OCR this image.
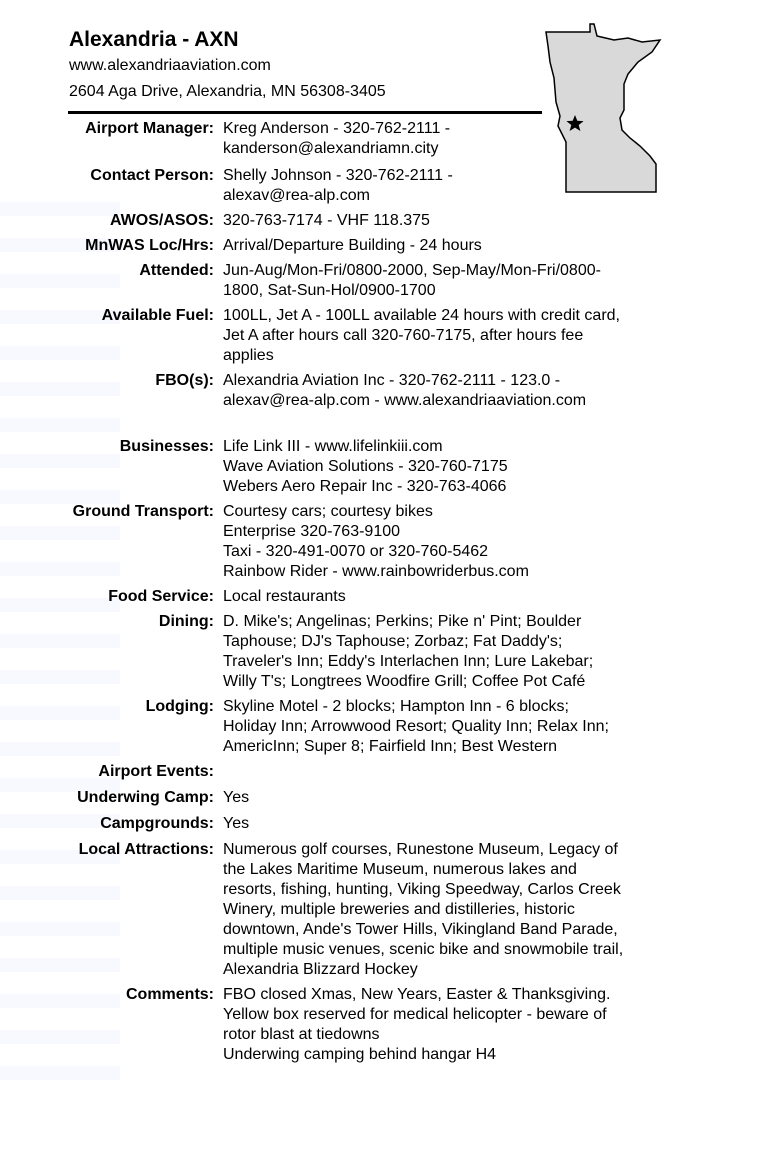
Alexandria - AXN
www.alexandriaaviation.com
2604 Aga Drive, Alexandria, MN 56308-3405
Airport Manager: Kreg Anderson - 320-762-2111 -
kanderson@alexandriamn.city
Contact Person: Shelly Johnson - 320-762-2111 -
alexav@rea-alp.com
AWOS/ASOS: 320-763-7174 - VHF 118.375
MnWAS Loc/Hrs: Arrival/Departure Building - 24 hours
Attended: Jun-Aug/Mon-Fri/0800-2000, Sep-May/Mon-Fri/0800-
1800, Sat-Sun-Hol/0900-1700
Available Fuel: 100LL, Jet A - 100LL available 24 hours with credit card,
Jet A after hours call 320-760-7175, after hours fee
applies
FBO(s): Alexandria Aviation Inc - 320-762-2111 - 123.0 -
alexav@rea-alp.com - www.alexandriaaviation.com
Businesses: Life Link III - www.lifelinkiii.com
Wave Aviation Solutions - 320-760-7175
Webers Aero Repair Inc - 320-763-4066
Ground Transport: Courtesy cars; courtesy bikes
Enterprise 320-763-9100
Taxi - 320-491-0070 or 320-760-5462
Rainbow Rider - www.rainbowriderbus.com
Food Service: Local restaurants
Dining: D. Mike's; Angelinas; Perkins; Pike n' Pint; Boulder
Taphouse; DJ's Taphouse; Zorbaz; Fat Daddy's;
Traveler's Inn; Eddy's Interlachen Inn; Lure Lakebar;
Willy T's; Longtrees Woodfire Grill; Coffee Pot Café
Lodging: Skyline Motel - 2 blocks; Hampton Inn - 6 blocks;
Holiday Inn; Arrowwood Resort; Quality Inn; Relax Inn;
AmericInn; Super 8; Fairfield Inn; Best Western
Airport Events:
Underwing Camp: Yes
Campgrounds: Yes
Local Attractions: Numerous golf courses, Runestone Museum, Legacy of
the Lakes Maritime Museum, numerous lakes and
resorts, fishing, hunting, Viking Speedway, Carlos Creek
Winery, multiple breweries and distilleries, historic
downtown, Ande's Tower Hills, Vikingland Band Parade,
multiple music venues, scenic bike and snowmobile trail,
Alexandria Blizzard Hockey
Comments: FBO closed Xmas, New Years, Easter & Thanksgiving.
Yellow box reserved for medical helicopter - beware of
rotor blast at tiedowns
Underwing camping behind hangar H4
